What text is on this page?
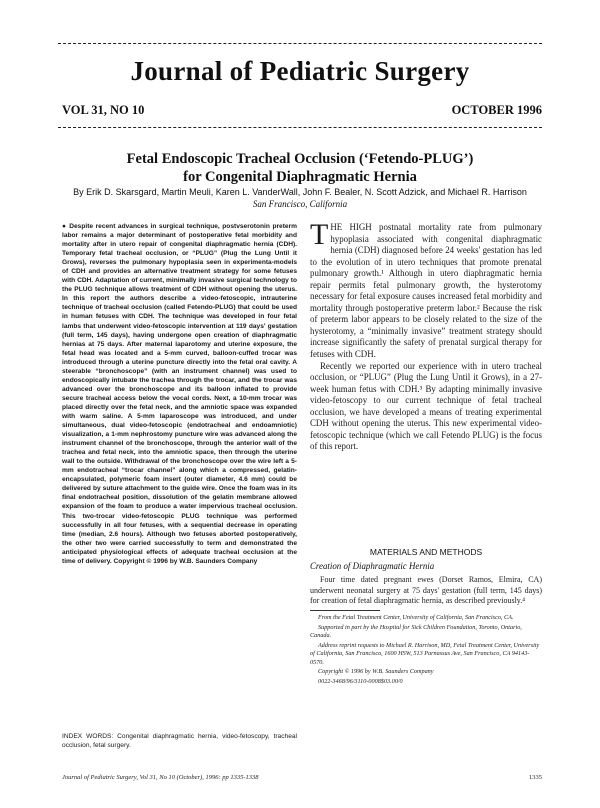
Journal of Pediatric Surgery
VOL 31, NO 10	OCTOBER 1996
Fetal Endoscopic Tracheal Occlusion (‘Fetendo-PLUG’)
for Congenital Diaphragmatic Hernia
By Erik D. Skarsgard, Martin Meuli, Karen L. VanderWall, John F. Bealer, N. Scott Adzick, and Michael R. Harrison
San Francisco, California
● Despite recent advances in surgical technique, postvserotonin preterm labor remains a major determinant of postoperative fetal morbidity and mortality after in utero repair of congenital diaphragmatic hernia (CDH). Temporary fetal tracheal occlusion, or “PLUG” (Plug the Lung Until it Grows), reverses the pulmonary hypoplasia seen in experimenta-models of CDH and provides an alternative treatment strategy for some fetuses with CDH. Adaptation of current, minimally invasive surgical technology to the PLUG technique allows treatment of CDH without opening the uterus. In this report the authors describe a video-fetoscopic, intrauterine technique of tracheal occlusion (called Fetendo-PLUG) that could be used in human fetuses with CDH. The technique was developed in four fetal lambs that underwent video-fetoscopic intervention at 119 days' gestation (full term, 145 days), having undergone open creation of diaphragmatic hernias at 75 days. After maternal laparotomy and uterine exposure, the fetal head was located and a 5-mm curved, balloon-cuffed trocar was introduced through a uterine puncture directly into the fetal oral cavity. A steerable “bronchoscope” (with an instrument channel) was used to endoscopically intubate the trachea through the trocar, and the trocar was advanced over the bronchoscope and its balloon inflated to provide secure tracheal access below the vocal cords. Next, a 10-mm trocar was placed directly over the fetal neck, and the amniotic space was expanded with warm saline. A 5-mm laparoscope was introduced, and under simultaneous, dual video-fetoscopic (endotracheal and endoamniotic) visualization, a 1-mm nephrostomy puncture wire was advanced along the instrument channel of the bronchoscope, through the anterior wall of the trachea and fetal neck, into the amniotic space, then through the uterine wall to the outside. Withdrawal of the bronchoscope over the wire left a 5-mm endotracheal “trocar channel” along which a compressed, gelatin-encapsulated, polymeric foam insert (outer diameter, 4.6 mm) could be delivered by suture attachment to the guide wire. Once the foam was in its final endotracheal position, dissolution of the gelatin membrane allowed expansion of the foam to produce a water impervious tracheal occlusion. This two-trocar video-fetoscopic PLUG technique was performed successfully in all four fetuses, with a sequential decrease in operating time (median, 2.6 hours). Although two fetuses aborted postoperatively, the other two were carried successfully to term and demonstrated the anticipated physiological effects of adequate tracheal occlusion at the time of delivery. Copyright © 1996 by W.B. Saunders Company
INDEX WORDS: Congenital diaphragmatic hernia, video-fetoscopy, tracheal occlusion, fetal surgery.

THE HIGH postnatal mortality rate from pulmonary hypoplasia associated with congenital diaphragmatic hernia (CDH) diagnosed before 24 weeks' gestation has led to the evolution of in utero techniques that promote prenatal pulmonary growth.¹ Although in utero diaphragmatic hernia repair permits fetal pulmonary growth, the hysterotomy necessary for fetal exposure causes increased fetal morbidity and mortality through postoperative preterm labor.² Because the risk of preterm labor appears to be closely related to the size of the hysterotomy, a “minimally invasive” treatment strategy should increase significantly the safety of prenatal surgical therapy for fetuses with CDH.

Recently we reported our experience with in utero tracheal occlusion, or “PLUG” (Plug the Lung Until it Grows), in a 27-week human fetus with CDH.³ By adapting minimally invasive video-fetoscopy to our current technique of fetal tracheal occlusion, we have developed a means of treating experimental CDH without opening the uterus. This new experimental video-fetoscopic technique (which we call Fetendo PLUG) is the focus of this report.

MATERIALS AND METHODS
Creation of Diaphragmatic Hernia
Four time dated pregnant ewes (Dorset Ramos, Elmira, CA) underwent neonatal surgery at 75 days' gestation (full term, 145 days) for creation of fetal diaphragmatic hernia, as described previously.⁴

From the Fetal Treatment Center, University of California, San Francisco, CA.

Supported in part by the Hospital for Sick Children Foundation, Toronto, Ontario, Canada.

Address reprint requests to Michael R. Harrison, MD, Fetal Treatment Center, University of California, San Francisco, 1600 HSW, 513 Parnassus Ave, San Francisco, CA 94143-0570.

Copyright © 1996 by W.B. Saunders Company

0022-3468/96/3110-0008$03.00/0

Journal of Pediatric Surgery, Vol 31, No 10 (October), 1996: pp 1335-1338	1335
